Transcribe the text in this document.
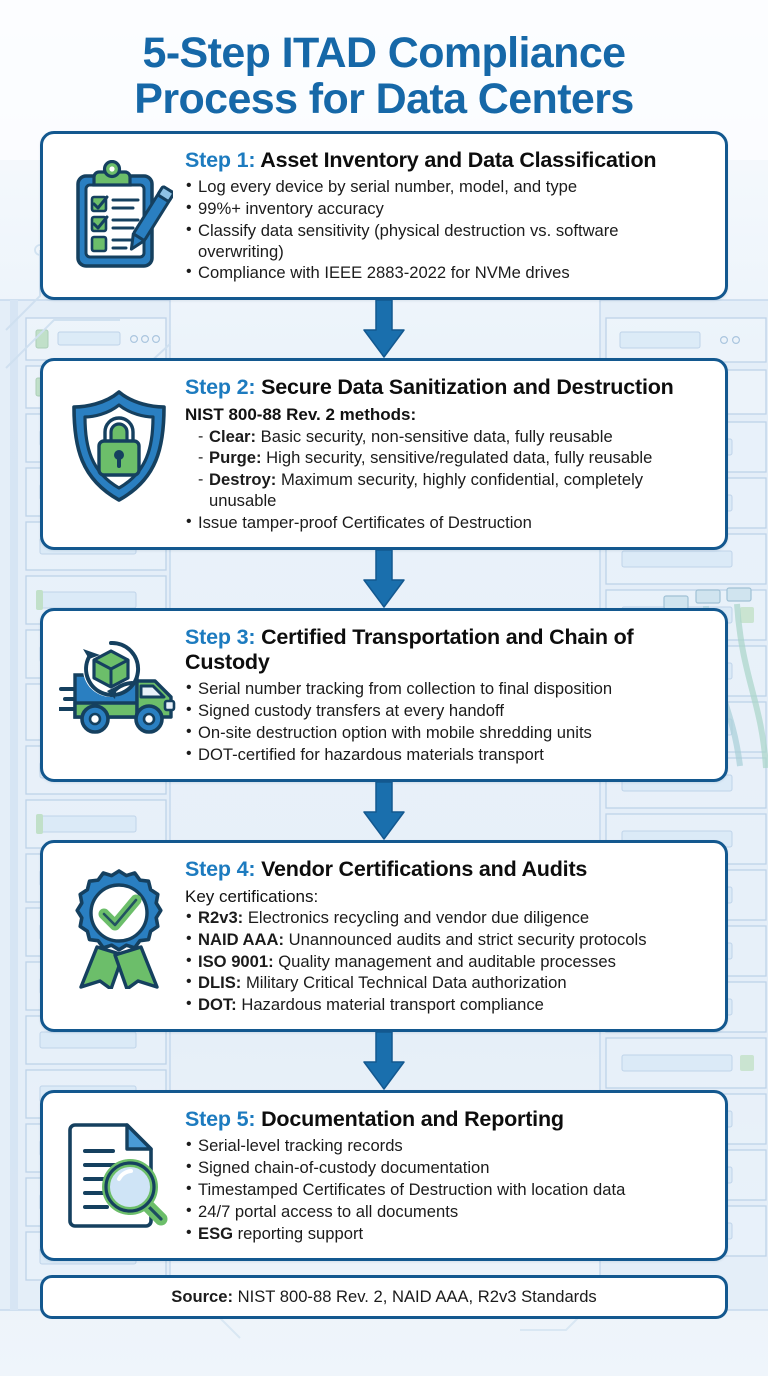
5-Step ITAD Compliance
Process for Data Centers
Step 1: Asset Inventory and Data Classification
• Log every device by serial number, model, and type
• 99%+ inventory accuracy
• Classify data sensitivity (physical destruction vs. software overwriting)
• Compliance with IEEE 2883-2022 for NVMe drives
Step 2: Secure Data Sanitization and Destruction
NIST 800-88 Rev. 2 methods:
- Clear: Basic security, non-sensitive data, fully reusable
- Purge: High security, sensitive/regulated data, fully reusable
- Destroy: Maximum security, highly confidential, completely unusable
• Issue tamper-proof Certificates of Destruction
Step 3: Certified Transportation and Chain of Custody
• Serial number tracking from collection to final disposition
• Signed custody transfers at every handoff
• On-site destruction option with mobile shredding units
• DOT-certified for hazardous materials transport
Step 4: Vendor Certifications and Audits
Key certifications:
• R2v3: Electronics recycling and vendor due diligence
• NAID AAA: Unannounced audits and strict security protocols
• ISO 9001: Quality management and auditable processes
• DLIS: Military Critical Technical Data authorization
• DOT: Hazardous material transport compliance
Step 5: Documentation and Reporting
• Serial-level tracking records
• Signed chain-of-custody documentation
• Timestamped Certificates of Destruction with location data
• 24/7 portal access to all documents
• ESG reporting support
Source: NIST 800-88 Rev. 2, NAID AAA, R2v3 Standards
